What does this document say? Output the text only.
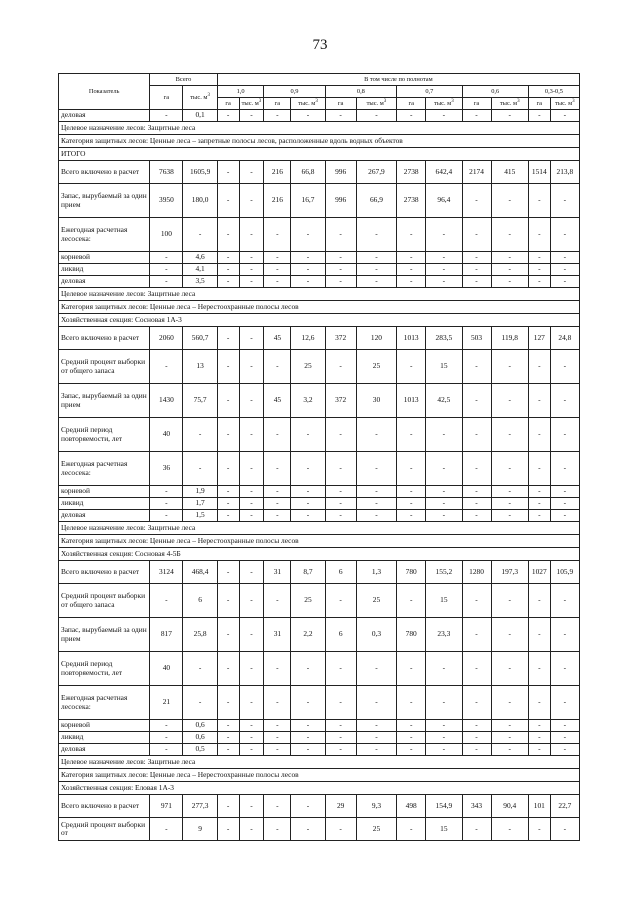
73
Показатель	Всего		В том числе по полнотам											
	га	тыс. $м^3$	1,0		0,9		0,8		0,7		0,6		0,3-0,5	
			га	тыс. $м^3$	га	тыс. $м^3$	га	тыс. $м^3$	га	тыс. $м^3$	га	тыс. $м^3$	га	тыс. $м^3$
деловая	-	0,1	-	-	-	-	-	-	-	-	-	-	-	-
Целевое назначение лесов: Защитные леса														
Категория защитных лесов: Ценные леса – запретные полосы лесов, расположенные вдоль водных объектов														
ИТОГО														
Всего включено в расчет	7638	1605,9	-	-	216	66,8	996	267,9	2738	642,4	2174	415	1514	213,8
Запас, вырубаемый за один прием	3950	180,0	-	-	216	16,7	996	66,9	2738	96,4	-	-	-	-
Ежегодная расчетная лесосека:	100	-	-	-	-	-	-	-	-	-	-	-	-	-
корневой	-	4,6	-	-	-	-	-	-	-	-	-	-	-	-
ликвид	-	4,1	-	-	-	-	-	-	-	-	-	-	-	-
деловая	-	3,5	-	-	-	-	-	-	-	-	-	-	-	-
Целевое назначение лесов: Защитные леса														
Категория защитных лесов: Ценные леса – Нерестоохранные полосы лесов														
Хозяйственная секция: Сосновая 1А-3														
Всего включено в расчет	2060	560,7	-	-	45	12,6	372	120	1013	283,5	503	119,8	127	24,8
Средний процент выборки от общего запаса	-	13	-	-	-	25	-	25	-	15	-	-	-	-
Запас, вырубаемый за один прием	1430	75,7	-	-	45	3,2	372	30	1013	42,5	-	-	-	-
Средний период повторяемости, лет	40	-	-	-	-	-	-	-	-	-	-	-	-	-
Ежегодная расчетная лесосека:	36	-	-	-	-	-	-	-	-	-	-	-	-	-
корневой	-	1,9	-	-	-	-	-	-	-	-	-	-	-	-
ликвид	-	1,7	-	-	-	-	-	-	-	-	-	-	-	-
деловая	-	1,5	-	-	-	-	-	-	-	-	-	-	-	-
Целевое назначение лесов: Защитные леса														
Категория защитных лесов: Ценные леса – Нерестоохранные полосы лесов														
Хозяйственная секция: Сосновая 4-5Б														
Всего включено в расчет	3124	468,4	-	-	31	8,7	6	1,3	780	155,2	1280	197,3	1027	105,9
Средний процент выборки от общего запаса	-	6	-	-	-	25	-	25	-	15	-	-	-	-
Запас, вырубаемый за один прием	817	25,8	-	-	31	2,2	6	0,3	780	23,3	-	-	-	-
Средний период повторяемости, лет	40	-	-	-	-	-	-	-	-	-	-	-	-	-
Ежегодная расчетная лесосека:	21	-	-	-	-	-	-	-	-	-	-	-	-	-
корневой	-	0,6	-	-	-	-	-	-	-	-	-	-	-	-
ликвид	-	0,6	-	-	-	-	-	-	-	-	-	-	-	-
деловая	-	0,5	-	-	-	-	-	-	-	-	-	-	-	-
Целевое назначение лесов: Защитные леса														
Категория защитных лесов: Ценные леса – Нерестоохранные полосы лесов														
Хозяйственная секция: Еловая 1А-3														
Всего включено в расчет	971	277,3	-	-	-	-	29	9,3	498	154,9	343	90,4	101	22,7
Средний процент выборки от	-	9	-	-	-	-	-	25	-	15	-	-	-	-
